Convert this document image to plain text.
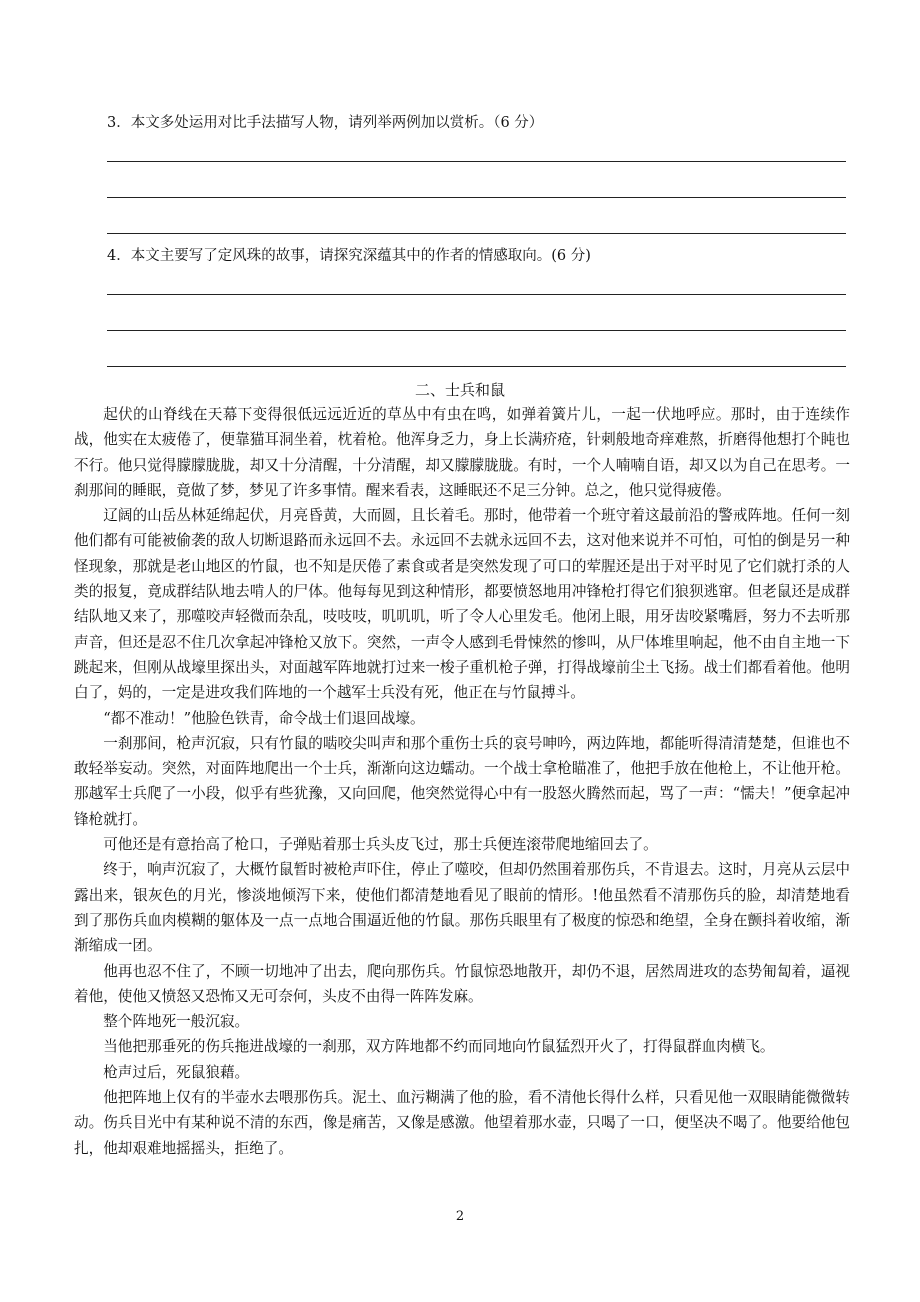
3．本文多处运用对比手法描写人物，请列举两例加以赏析。（6 分）
4．本文主要写了定风珠的故事，请探究深蕴其中的作者的情感取向。(6 分)
二、士兵和鼠

起伏的山脊线在天幕下变得很低远远近近的草丛中有虫在鸣，如弹着簧片儿，一起一伏地呼应。那时，由于连续作战，他实在太疲倦了，便靠猫耳洞坐着，枕着枪。他浑身乏力，身上长满疥疮，针刺般地奇痒难熬，折磨得他想打个盹也不行。他只觉得朦朦胧胧，却又十分清醒，十分清醒，却又朦朦胧胧。有时，一个人喃喃自语，却又以为自己在思考。一刹那间的睡眠，竟做了梦，梦见了许多事情。醒来看表，这睡眠还不足三分钟。总之，他只觉得疲倦。

辽阔的山岳丛林延绵起伏，月亮昏黄，大而圆，且长着毛。那时，他带着一个班守着这最前沿的警戒阵地。任何一刻他们都有可能被偷袭的敌人切断退路而永远回不去。永远回不去就永远回不去，这对他来说并不可怕，可怕的倒是另一种怪现象，那就是老山地区的竹鼠，也不知是厌倦了素食或者是突然发现了可口的荤腥还是出于对平时见了它们就打杀的人类的报复，竟成群结队地去啃人的尸体。他每每见到这种情形，都要愤怒地用冲锋枪打得它们狼狈逃窜。但老鼠还是成群结队地又来了，那噬咬声轻微而杂乱，吱吱吱，叽叽叽，听了令人心里发毛。他闭上眼，用牙齿咬紧嘴唇，努力不去听那声音，但还是忍不住几次拿起冲锋枪又放下。突然，一声令人感到毛骨悚然的惨叫，从尸体堆里响起，他不由自主地一下跳起来，但刚从战壕里探出头，对面越军阵地就打过来一梭子重机枪子弹，打得战壕前尘土飞扬。战士们都看着他。他明白了，妈的，一定是进攻我们阵地的一个越军士兵没有死，他正在与竹鼠搏斗。

“都不准动！”他脸色铁青，命令战士们退回战壕。

一刹那间，枪声沉寂，只有竹鼠的啮咬尖叫声和那个重伤士兵的哀号呻吟，两边阵地，都能听得清清楚楚，但谁也不敢轻举妄动。突然，对面阵地爬出一个士兵，渐渐向这边蠕动。一个战士拿枪瞄准了，他把手放在他枪上，不让他开枪。那越军士兵爬了一小段，似乎有些犹豫，又向回爬，他突然觉得心中有一股怒火腾然而起，骂了一声：“懦夫！”便拿起冲锋枪就打。

可他还是有意抬高了枪口，子弹贴着那士兵头皮飞过，那士兵便连滚带爬地缩回去了。

终于，响声沉寂了，大概竹鼠暂时被枪声吓住，停止了噬咬，但却仍然围着那伤兵，不肯退去。这时，月亮从云层中露出来，银灰色的月光，惨淡地倾泻下来，使他们都清楚地看见了眼前的情形。!他虽然看不清那伤兵的脸，却清楚地看到了那伤兵血肉模糊的躯体及一点一点地合围逼近他的竹鼠。那伤兵眼里有了极度的惊恐和绝望，全身在颤抖着收缩，渐渐缩成一团。

他再也忍不住了，不顾一切地冲了出去，爬向那伤兵。竹鼠惊恐地散开，却仍不退，居然周进攻的态势匍匐着，逼视着他，使他又愤怒又恐怖又无可奈何，头皮不由得一阵阵发麻。

整个阵地死一般沉寂。

当他把那垂死的伤兵拖进战壕的一刹那，双方阵地都不约而同地向竹鼠猛烈开火了，打得鼠群血肉横飞。

枪声过后，死鼠狼藉。

他把阵地上仅有的半壶水去喂那伤兵。泥土、血污糊满了他的脸，看不清他长得什么样，只看见他一双眼睛能微微转动。伤兵目光中有某种说不清的东西，像是痛苦，又像是感激。他望着那水壶，只喝了一口，便坚决不喝了。他要给他包扎，他却艰难地摇摇头，拒绝了。

2
